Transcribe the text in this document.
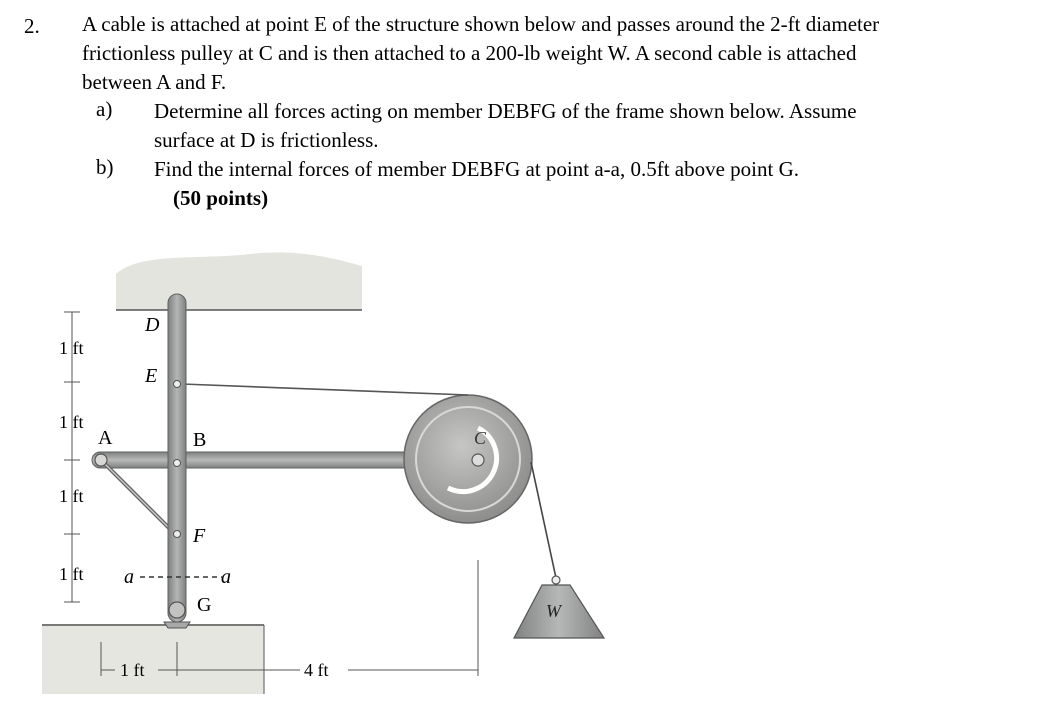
2. A cable is attached at point E of the structure shown below and passes around the 2-ft diameter

frictionless pulley at C and is then attached to a 200-lb weight W. A second cable is attached

between A and F.

a) Determine all forces acting on member DEBFG of the frame shown below. Assume

surface at D is frictionless.

b) Find the internal forces of member DEBFG at point a-a, 0.5ft above point G.

(50 points)
D
E
A	B	C
F
G	W
a	a
1 ft
1 ft
1 ft
1 ft
1 ft	4 ft
